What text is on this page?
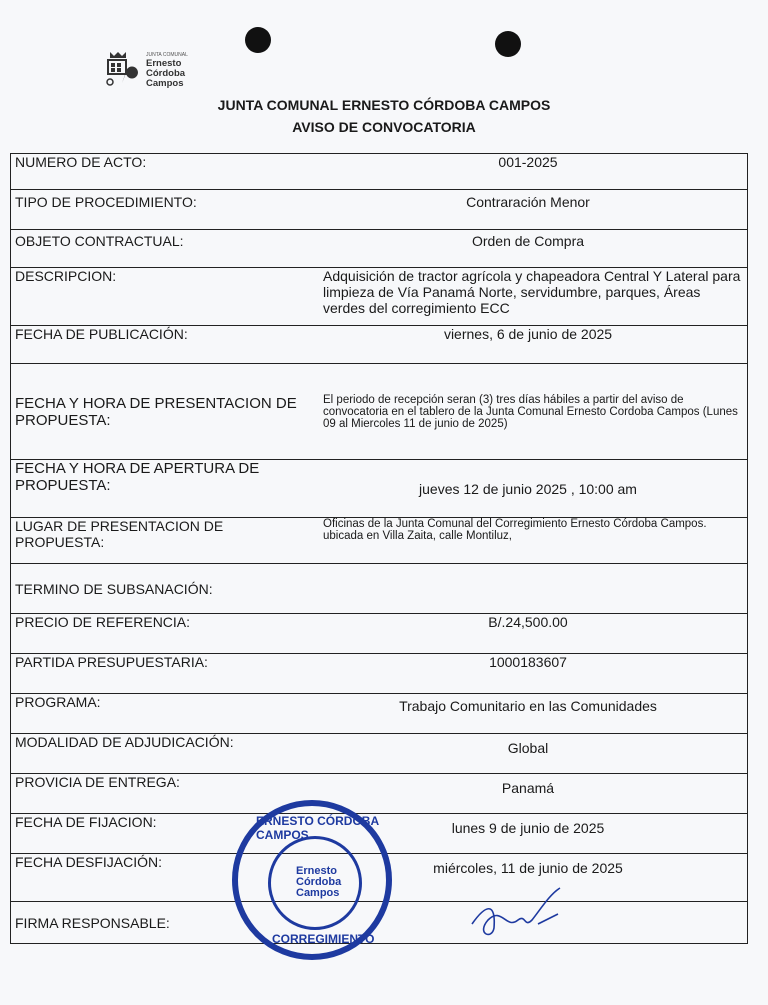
JUNTA COMUNAL
Ernesto
Córdoba
Campos
JUNTA COMUNAL ERNESTO CÓRDOBA CAMPOS
AVISO DE CONVOCATORIA
NUMERO DE ACTO:	001-2025
TIPO DE PROCEDIMIENTO:	Contraración Menor
OBJETO CONTRACTUAL:	Orden de Compra
DESCRIPCION:	Adquisición de tractor agrícola y chapeadora Central Y Lateral para limpieza de Vía Panamá Norte, servidumbre, parques, Áreas verdes del corregimiento ECC
FECHA DE PUBLICACIÓN:	viernes, 6 de junio de 2025
FECHA Y HORA DE PRESENTACION DE PROPUESTA:	El periodo de recepción seran (3) tres días hábiles a partir del aviso de convocatoria en el tablero de la Junta Comunal Ernesto Cordoba Campos (Lunes 09 al Miercoles 11 de junio de 2025)
FECHA Y HORA DE APERTURA DE PROPUESTA:	jueves 12 de junio 2025 , 10:00 am
LUGAR DE PRESENTACION DE PROPUESTA:	Oficinas de la Junta Comunal del Corregimiento Ernesto Córdoba Campos. ubicada en Villa Zaita, calle Montiluz,
TERMINO DE SUBSANACIÓN:	
PRECIO DE REFERENCIA:	B/.24,500.00
PARTIDA PRESUPUESTARIA:	1000183607
PROGRAMA:	Trabajo Comunitario en las Comunidades
MODALIDAD DE ADJUDICACIÓN:	Global
PROVICIA DE ENTREGA:	Panamá
FECHA DE FIJACION:	lunes 9 de junio de 2025
FECHA DESFIJACIÓN:	miércoles, 11 de junio de 2025
FIRMA RESPONSABLE:	
ERNESTO CÓRDOBA CAMPOS
Ernesto Córdoba Campos
CORREGIMIENTO
